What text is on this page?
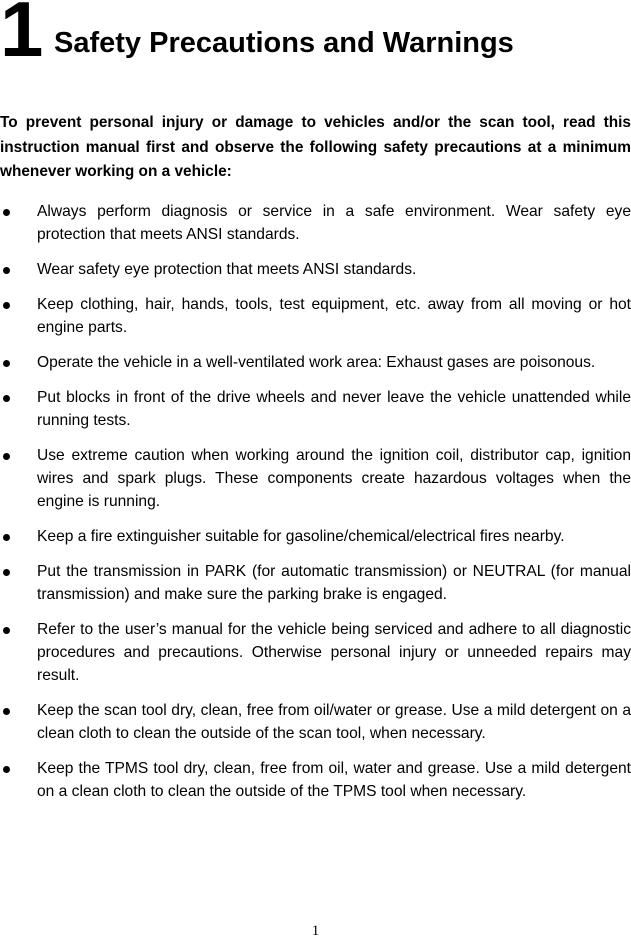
1 Safety Precautions and Warnings

To prevent personal injury or damage to vehicles and/or the scan tool, read this instruction manual first and observe the following safety precautions at a minimum whenever working on a vehicle:

Always perform diagnosis or service in a safe environment. Wear safety eye protection that meets ANSI standards.
Wear safety eye protection that meets ANSI standards.
Keep clothing, hair, hands, tools, test equipment, etc. away from all moving or hot engine parts.
Operate the vehicle in a well-ventilated work area: Exhaust gases are poisonous.
Put blocks in front of the drive wheels and never leave the vehicle unattended while running tests.
Use extreme caution when working around the ignition coil, distributor cap, ignition wires and spark plugs. These components create hazardous voltages when the engine is running.
Keep a fire extinguisher suitable for gasoline/chemical/electrical fires nearby.
Put the transmission in PARK (for automatic transmission) or NEUTRAL (for manual transmission) and make sure the parking brake is engaged.
Refer to the user’s manual for the vehicle being serviced and adhere to all diagnostic procedures and precautions. Otherwise personal injury or unneeded repairs may result.
Keep the scan tool dry, clean, free from oil/water or grease. Use a mild detergent on a clean cloth to clean the outside of the scan tool, when necessary.
Keep the TPMS tool dry, clean, free from oil, water and grease. Use a mild detergent on a clean cloth to clean the outside of the TPMS tool when necessary.
1
